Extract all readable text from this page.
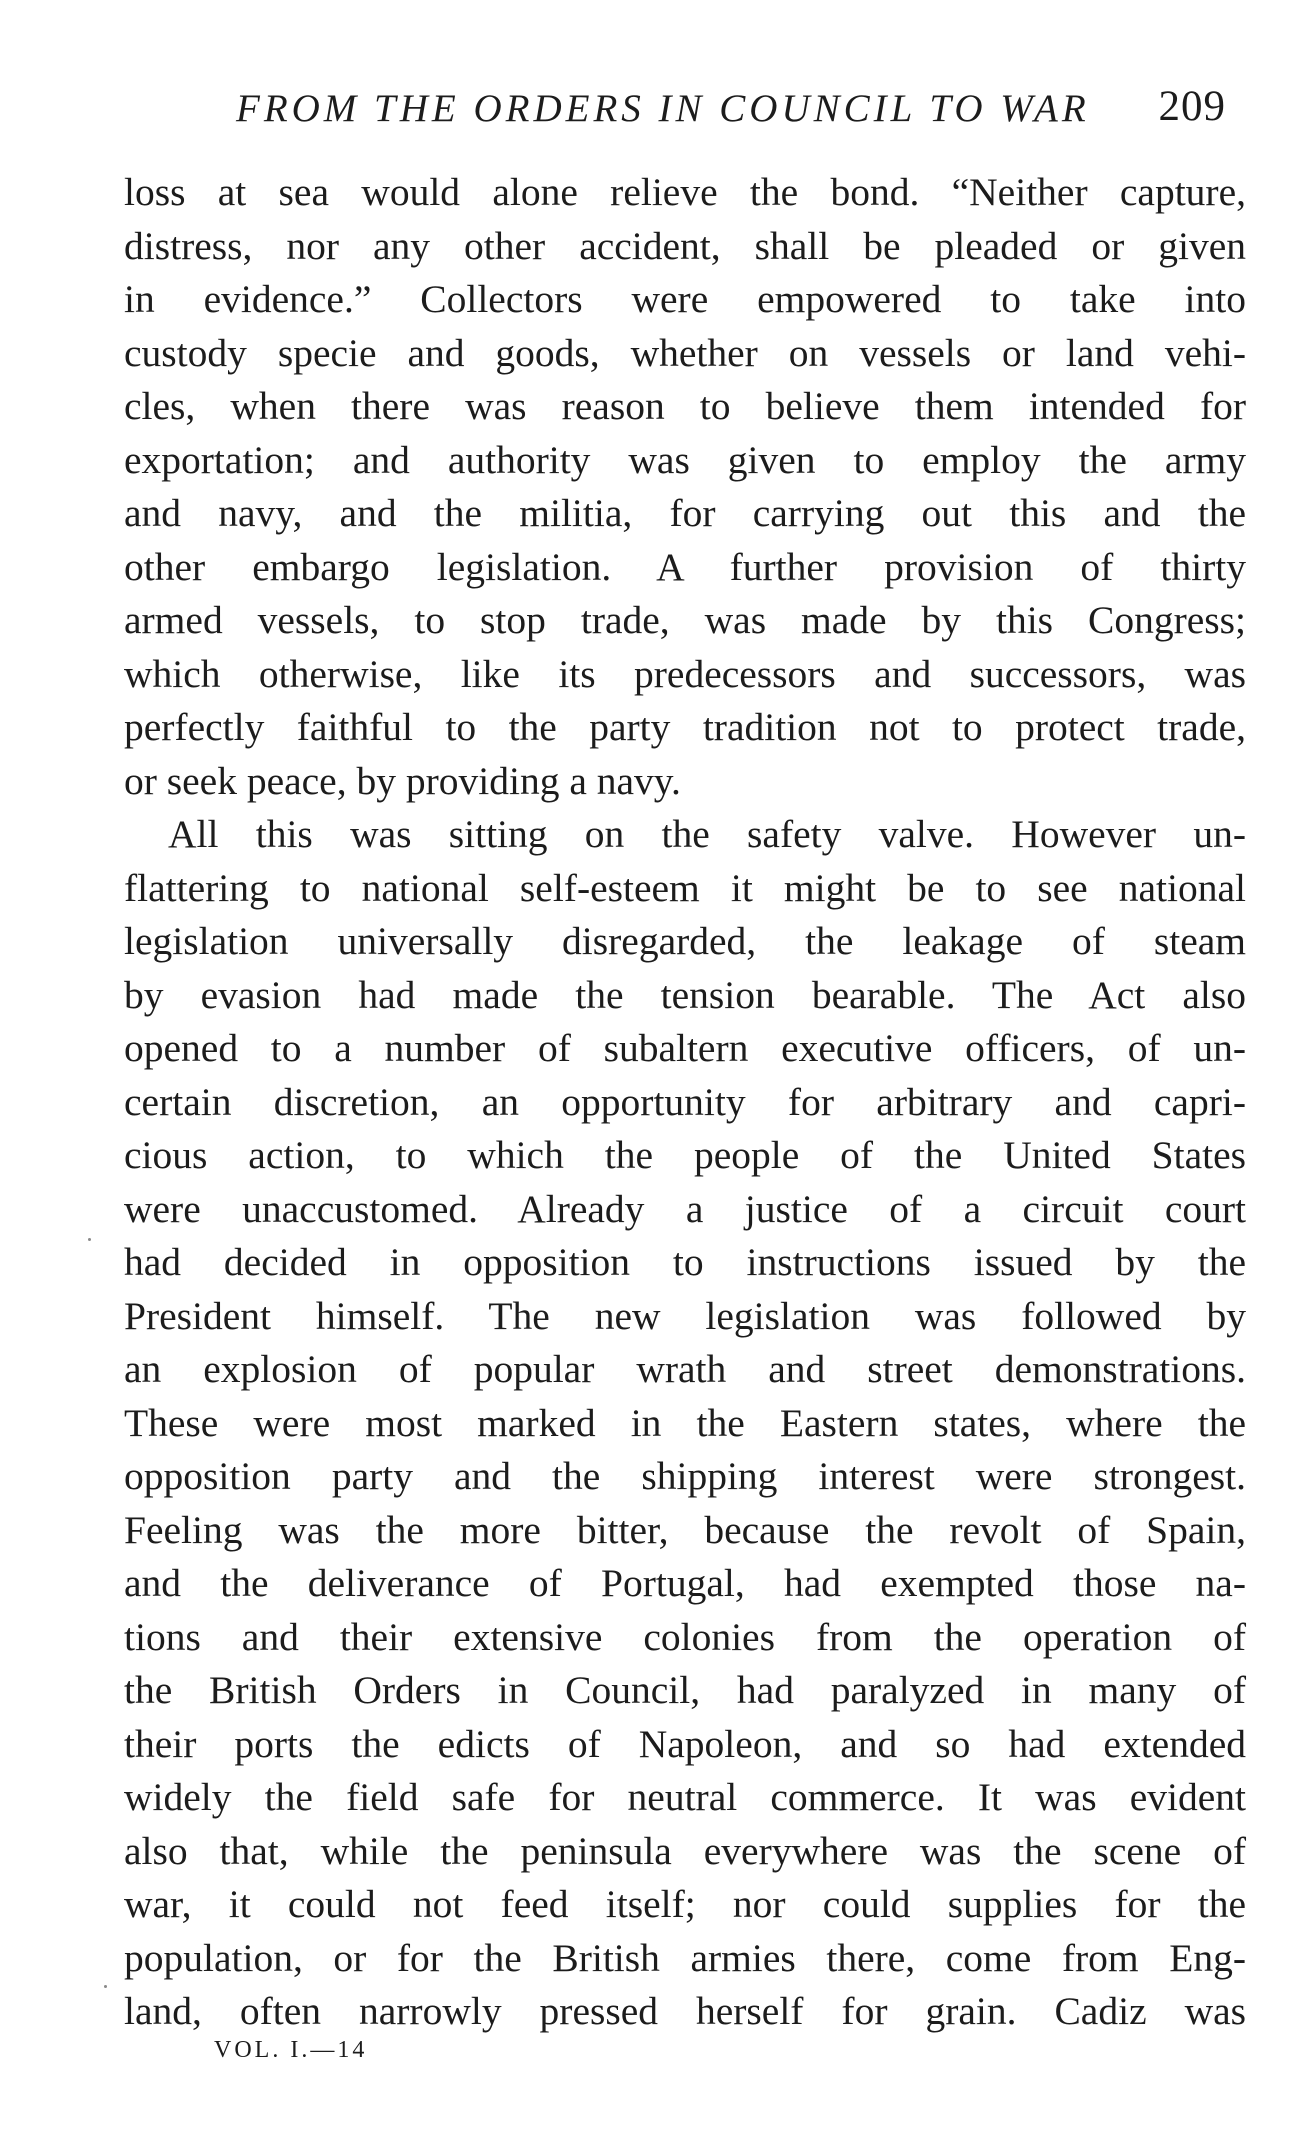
FROM THE ORDERS IN COUNCIL TO WAR 209
loss at sea would alone relieve the bond. “Neither capture,
distress, nor any other accident, shall be pleaded or given
in evidence.” Collectors were empowered to take into
custody specie and goods, whether on vessels or land vehi-
cles, when there was reason to believe them intended for
exportation; and authority was given to employ the army
and navy, and the militia, for carrying out this and the
other embargo legislation. A further provision of thirty
armed vessels, to stop trade, was made by this Congress;
which otherwise, like its predecessors and successors, was
perfectly faithful to the party tradition not to protect trade,
or seek peace, by providing a navy.
All this was sitting on the safety valve. However un-
flattering to national self-esteem it might be to see national
legislation universally disregarded, the leakage of steam
by evasion had made the tension bearable. The Act also
opened to a number of subaltern executive officers, of un-
certain discretion, an opportunity for arbitrary and capri-
cious action, to which the people of the United States
were unaccustomed. Already a justice of a circuit court
had decided in opposition to instructions issued by the
President himself. The new legislation was followed by
an explosion of popular wrath and street demonstrations.
These were most marked in the Eastern states, where the
opposition party and the shipping interest were strongest.
Feeling was the more bitter, because the revolt of Spain,
and the deliverance of Portugal, had exempted those na-
tions and their extensive colonies from the operation of
the British Orders in Council, had paralyzed in many of
their ports the edicts of Napoleon, and so had extended
widely the field safe for neutral commerce. It was evident
also that, while the peninsula everywhere was the scene of
war, it could not feed itself; nor could supplies for the
population, or for the British armies there, come from Eng-
land, often narrowly pressed herself for grain. Cadiz was
VOL. I.—14
